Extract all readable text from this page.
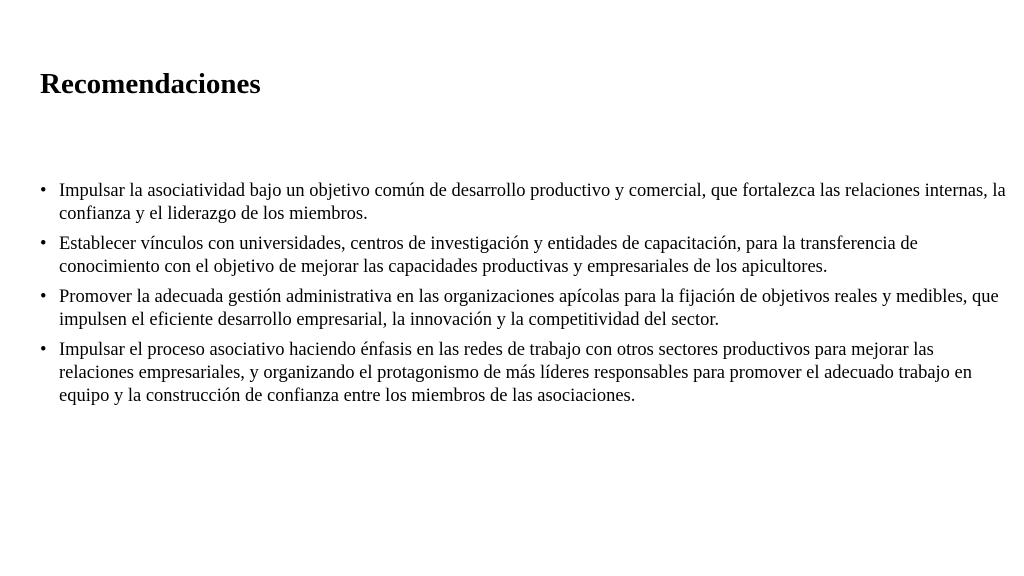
Recomendaciones
• Impulsar la asociatividad bajo un objetivo común de desarrollo productivo y comercial, que fortalezca las relaciones internas, la confianza y el liderazgo de los miembros.
• Establecer vínculos con universidades, centros de investigación y entidades de capacitación, para la transferencia de conocimiento con el objetivo de mejorar las capacidades productivas y empresariales de los apicultores.
• Promover la adecuada gestión administrativa en las organizaciones apícolas para la fijación de objetivos reales y medibles, que impulsen el eficiente desarrollo empresarial, la innovación y la competitividad del sector.
• Impulsar el proceso asociativo haciendo énfasis en las redes de trabajo con otros sectores productivos para mejorar las relaciones empresariales, y organizando el protagonismo de más líderes responsables para promover el adecuado trabajo en equipo y la construcción de confianza entre los miembros de las asociaciones.
